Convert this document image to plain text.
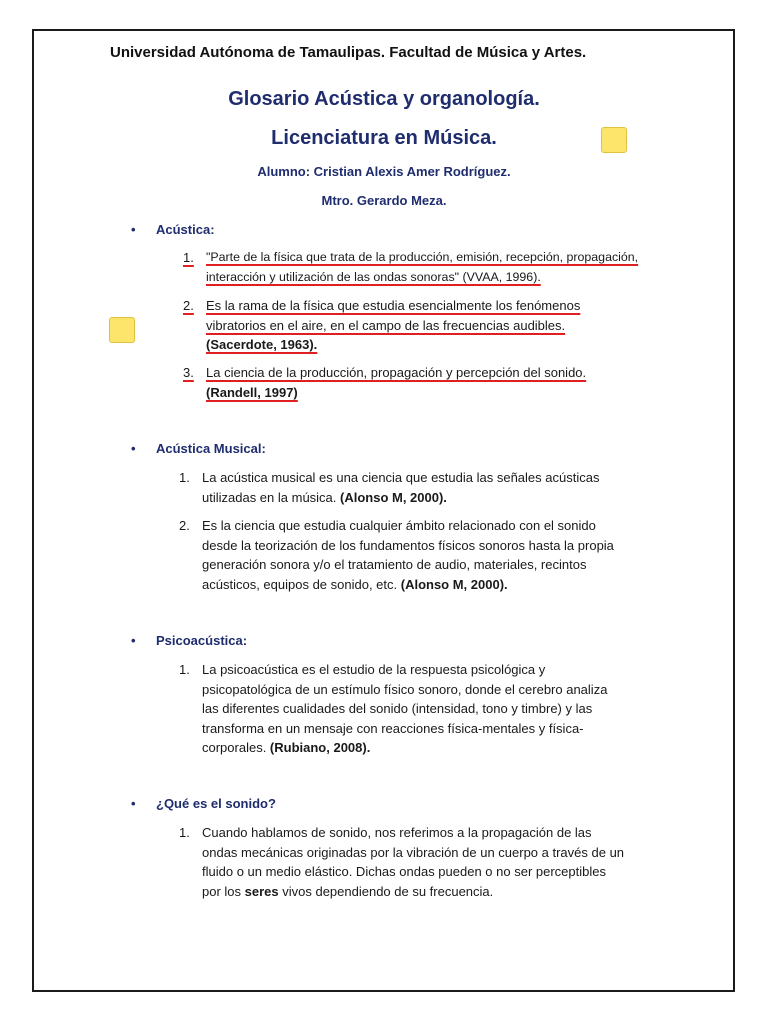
Universidad Autónoma de Tamaulipas. Facultad de Música y Artes.
Glosario Acústica y organología.
Licenciatura en Música.
Alumno: Cristian Alexis Amer Rodríguez.
Mtro. Gerardo Meza.
• Acústica:
1. "Parte de la física que trata de la producción, emisión, recepción, propagación,
interacción y utilización de las ondas sonoras" (VVAA, 1996).
2. Es la rama de la física que estudia esencialmente los fenómenos
vibratorios en el aire, en el campo de las frecuencias audibles.
(Sacerdote, 1963).
3. La ciencia de la producción, propagación y percepción del sonido.
(Randell, 1997)
• Acústica Musical:
1. La acústica musical es una ciencia que estudia las señales acústicas
utilizadas en la música. (Alonso M, 2000).
2. Es la ciencia que estudia cualquier ámbito relacionado con el sonido
desde la teorización de los fundamentos físicos sonoros hasta la propia
generación sonora y/o el tratamiento de audio, materiales, recintos
acústicos, equipos de sonido, etc. (Alonso M, 2000).
• Psicoacústica:
1. La psicoacústica es el estudio de la respuesta psicológica y
psicopatológica de un estímulo físico sonoro, donde el cerebro analiza
las diferentes cualidades del sonido (intensidad, tono y timbre) y las
transforma en un mensaje con reacciones física-mentales y física-
corporales. (Rubiano, 2008).
• ¿Qué es el sonido?
1. Cuando hablamos de sonido, nos referimos a la propagación de las
ondas mecánicas originadas por la vibración de un cuerpo a través de un
fluido o un medio elástico. Dichas ondas pueden o no ser perceptibles
por los seres vivos dependiendo de su frecuencia.
